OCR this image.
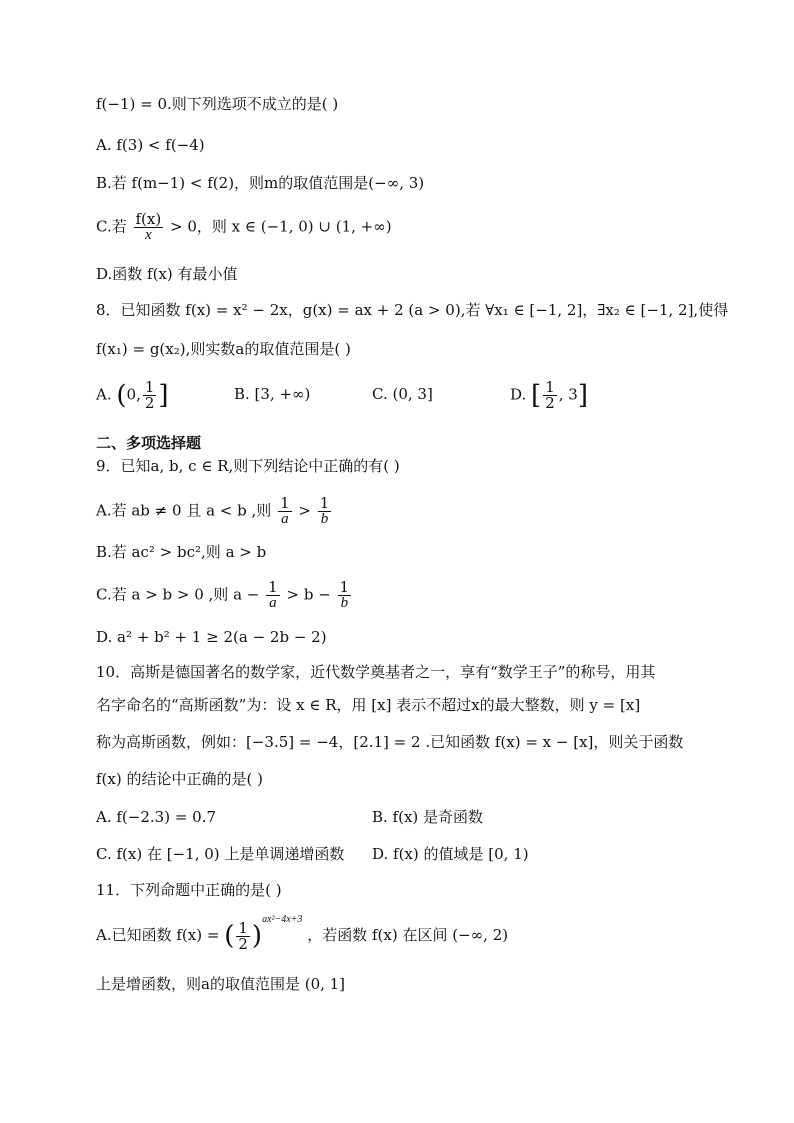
f(−1) = 0.则下列选项不成立的是( )
A. f(3) < f(−4)
B.若 f(m−1) < f(2)，则m的取值范围是(−∞, 3)
C.若 $\frac{f(x)}{x} > 0$，则 x ∈ (−1, 0) ∪ (1, +∞)
D.函数 f(x) 有最小值
8．已知函数 f(x) = x² − 2x，g(x) = ax + 2 (a > 0),若 ∀x₁ ∈ [−1, 2]，∃x₂ ∈ [−1, 2],使得
f(x₁) = g(x₂),则实数a的取值范围是( )
A. (0, $\frac{1}{2}$ ]	B. [3, +∞)	C. (0, 3]	D. [ $\frac{1}{2}$ , 3]
二、多项选择题
9．已知a, b, c ∈ R,则下列结论中正确的有( )
A.若 ab ≠ 0 且 a < b ,则 $\frac{1}{a} > \frac{1}{b}$
B.若 ac² > bc²,则 a > b
C.若 a > b > 0 ,则 $a - \frac{1}{a} > b - \frac{1}{b}$
D. a² + b² + 1 ≥ 2(a − 2b − 2)
10．高斯是德国著名的数学家，近代数学奠基者之一，享有“数学王子”的称号，用其
名字命名的“高斯函数”为：设 x ∈ R，用 [x] 表示不超过x的最大整数，则 y = [x]
称为高斯函数，例如：[−3.5] = −4，[2.1] = 2 .已知函数 f(x) = x − [x]，则关于函数
f(x) 的结论中正确的是( )
A. f(−2.3) = 0.7	B. f(x) 是奇函数
C. f(x) 在 [−1, 0) 上是单调递增函数 D. f(x) 的值域是 [0, 1)
11．下列命题中正确的是( )
A.已知函数 f(x) = ( $\frac{1}{2} )^{ax^2-4x+3}$ ，若函数 f(x) 在区间 (−∞, 2)
上是增函数，则a的取值范围是 (0, 1]
